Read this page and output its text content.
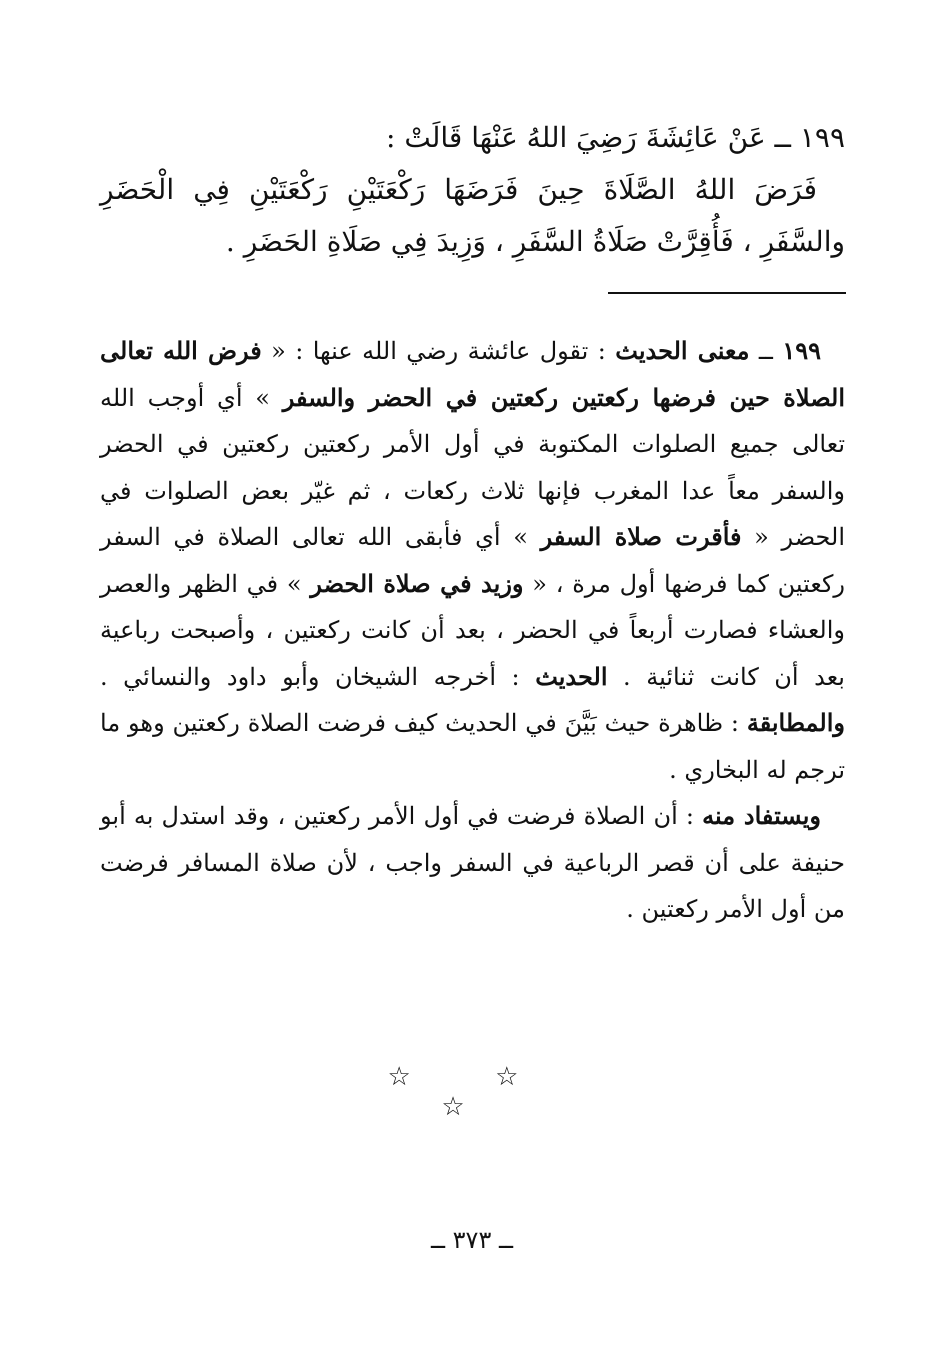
١٩٩ ــ عَنْ عَائِشَةَ رَضِيَ اللهُ عَنْهَا قَالَتْ :

فَرَضَ اللهُ الصَّلَاةَ حِينَ فَرَضَهَا رَكْعَتَيْنِ رَكْعَتَيْنِ فِي الْحَضَرِ والسَّفَرِ ، فَأُقِرَّتْ صَلَاةُ السَّفَرِ ، وَزِيدَ فِي صَلَاةِ الحَضَرِ .

١٩٩ ــ معنى الحديث : تقول عائشة رضي الله عنها : « فرض الله تعالى الصلاة حين فرضها ركعتين ركعتين في الحضر والسفر » أي أوجب الله تعالى جميع الصلوات المكتوبة في أول الأمر ركعتين ركعتين في الحضر والسفر معاً عدا المغرب فإنها ثلاث ركعات ، ثم غيّر بعض الصلوات في الحضر « فأقرت صلاة السفر » أي فأبقى الله تعالى الصلاة في السفر ركعتين كما فرضها أول مرة ، « وزيد في صلاة الحضر » في الظهر والعصر والعشاء فصارت أربعاً في الحضر ، بعد أن كانت ركعتين ، وأصبحت رباعية بعد أن كانت ثنائية . الحديث : أخرجه الشيخان وأبو داود والنسائي . والمطابقة : ظاهرة حيث بَيَّنَ في الحديث كيف فرضت الصلاة ركعتين وهو ما ترجم له البخاري .

ويستفاد منه : أن الصلاة فرضت في أول الأمر ركعتين ، وقد استدل به أبو حنيفة على أن قصر الرباعية في السفر واجب ، لأن صلاة المسافر فرضت من أول الأمر ركعتين .

☆ ☆ ☆
ــ ٣٧٣ ــ
